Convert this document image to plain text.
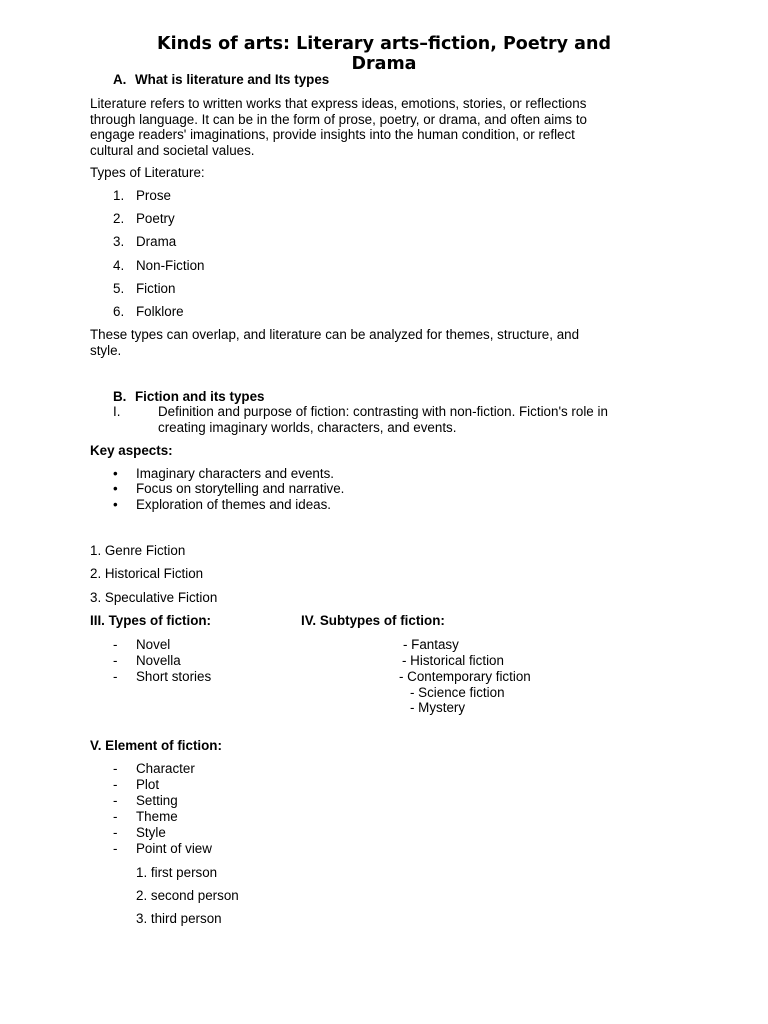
Kinds of arts: Literary arts–fiction, Poetry and
Drama
A. What is literature and Its types
Literature refers to written works that express ideas, emotions, stories, or reflections
through language. It can be in the form of prose, poetry, or drama, and often aims to
engage readers' imaginations, provide insights into the human condition, or reflect
cultural and societal values.
Types of Literature:
1. Prose
2. Poetry
3. Drama
4. Non-Fiction
5. Fiction
6. Folklore
These types can overlap, and literature can be analyzed for themes, structure, and
style.
B. Fiction and its types
I.	Definition and purpose of fiction: contrasting with non-fiction. Fiction's role in
creating imaginary worlds, characters, and events.
Key aspects:
• Imaginary characters and events.
• Focus on storytelling and narrative.
• Exploration of themes and ideas.
1. Genre Fiction
2. Historical Fiction
3. Speculative Fiction
III. Types of fiction:	IV. Subtypes of fiction:
- Novel
- Novella
- Short stories
- Fantasy
- Historical fiction
- Contemporary fiction
- Science fiction
- Mystery
V. Element of fiction:
- Character
- Plot
- Setting
- Theme
- Style
- Point of view
1. first person
2. second person
3. third person
